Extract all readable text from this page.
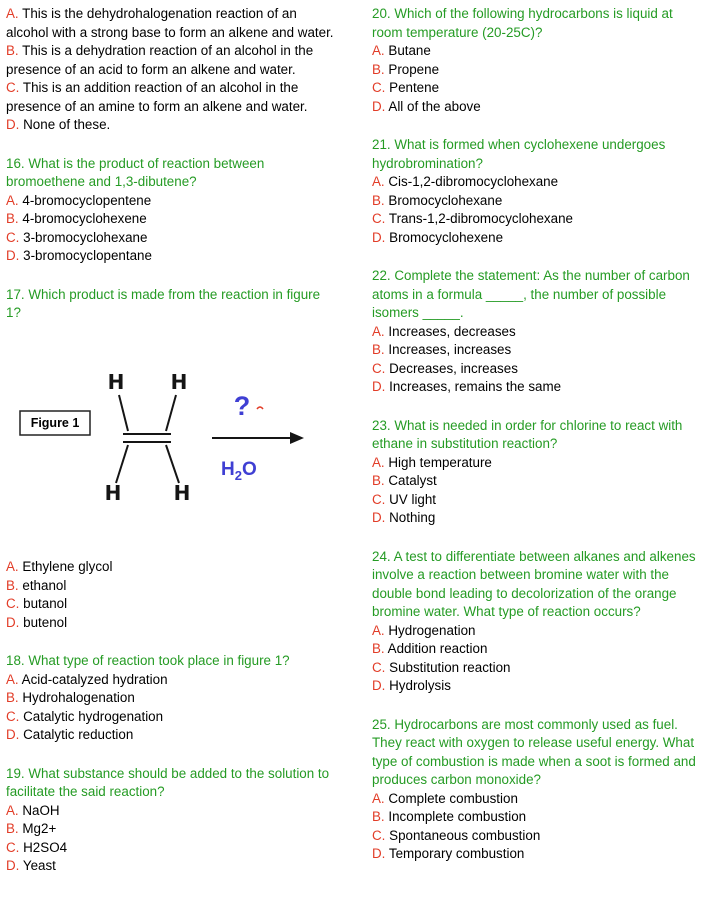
A. This is the dehydrohalogenation reaction of an alcohol with a strong base to form an alkene and water.
B. This is a dehydration reaction of an alcohol in the presence of an acid to form an alkene and water.
C. This is an addition reaction of an alcohol in the presence of an amine to form an alkene and water.
D. None of these.
16. What is the product of reaction between bromoethene and 1,3-dibutene?
A. 4-bromocyclopentene
B. 4-bromocyclohexene
C. 3-bromocyclohexane
D. 3-bromocyclopentane
17. Which product is made from the reaction in figure 1?
Figure 1
H H
H	H
?
$H_2O$
A. Ethylene glycol
B. ethanol
C. butanol
D. butenol
18. What type of reaction took place in figure 1?
A. Acid-catalyzed hydration
B. Hydrohalogenation
C. Catalytic hydrogenation
D. Catalytic reduction
19. What substance should be added to the solution to facilitate the said reaction?
A. NaOH
B. Mg2+
C. H2SO4
D. Yeast
20. Which of the following hydrocarbons is liquid at room temperature (20-25C)?
A. Butane
B. Propene
C. Pentene
D. All of the above
21. What is formed when cyclohexene undergoes hydrobromination?
A. Cis-1,2-dibromocyclohexane
B. Bromocyclohexane
C. Trans-1,2-dibromocyclohexane
D. Bromocyclohexene
22. Complete the statement: As the number of carbon atoms in a formula _____, the number of possible isomers _____.
A. Increases, decreases
B. Increases, increases
C. Decreases, increases
D. Increases, remains the same
23. What is needed in order for chlorine to react with ethane in substitution reaction?
A. High temperature
B. Catalyst
C. UV light
D. Nothing
24. A test to differentiate between alkanes and alkenes involve a reaction between bromine water with the double bond leading to decolorization of the orange bromine water. What type of reaction occurs?
A. Hydrogenation
B. Addition reaction
C. Substitution reaction
D. Hydrolysis
25. Hydrocarbons are most commonly used as fuel. They react with oxygen to release useful energy. What type of combustion is made when a soot is formed and produces carbon monoxide?
A. Complete combustion
B. Incomplete combustion
C. Spontaneous combustion
D. Temporary combustion
